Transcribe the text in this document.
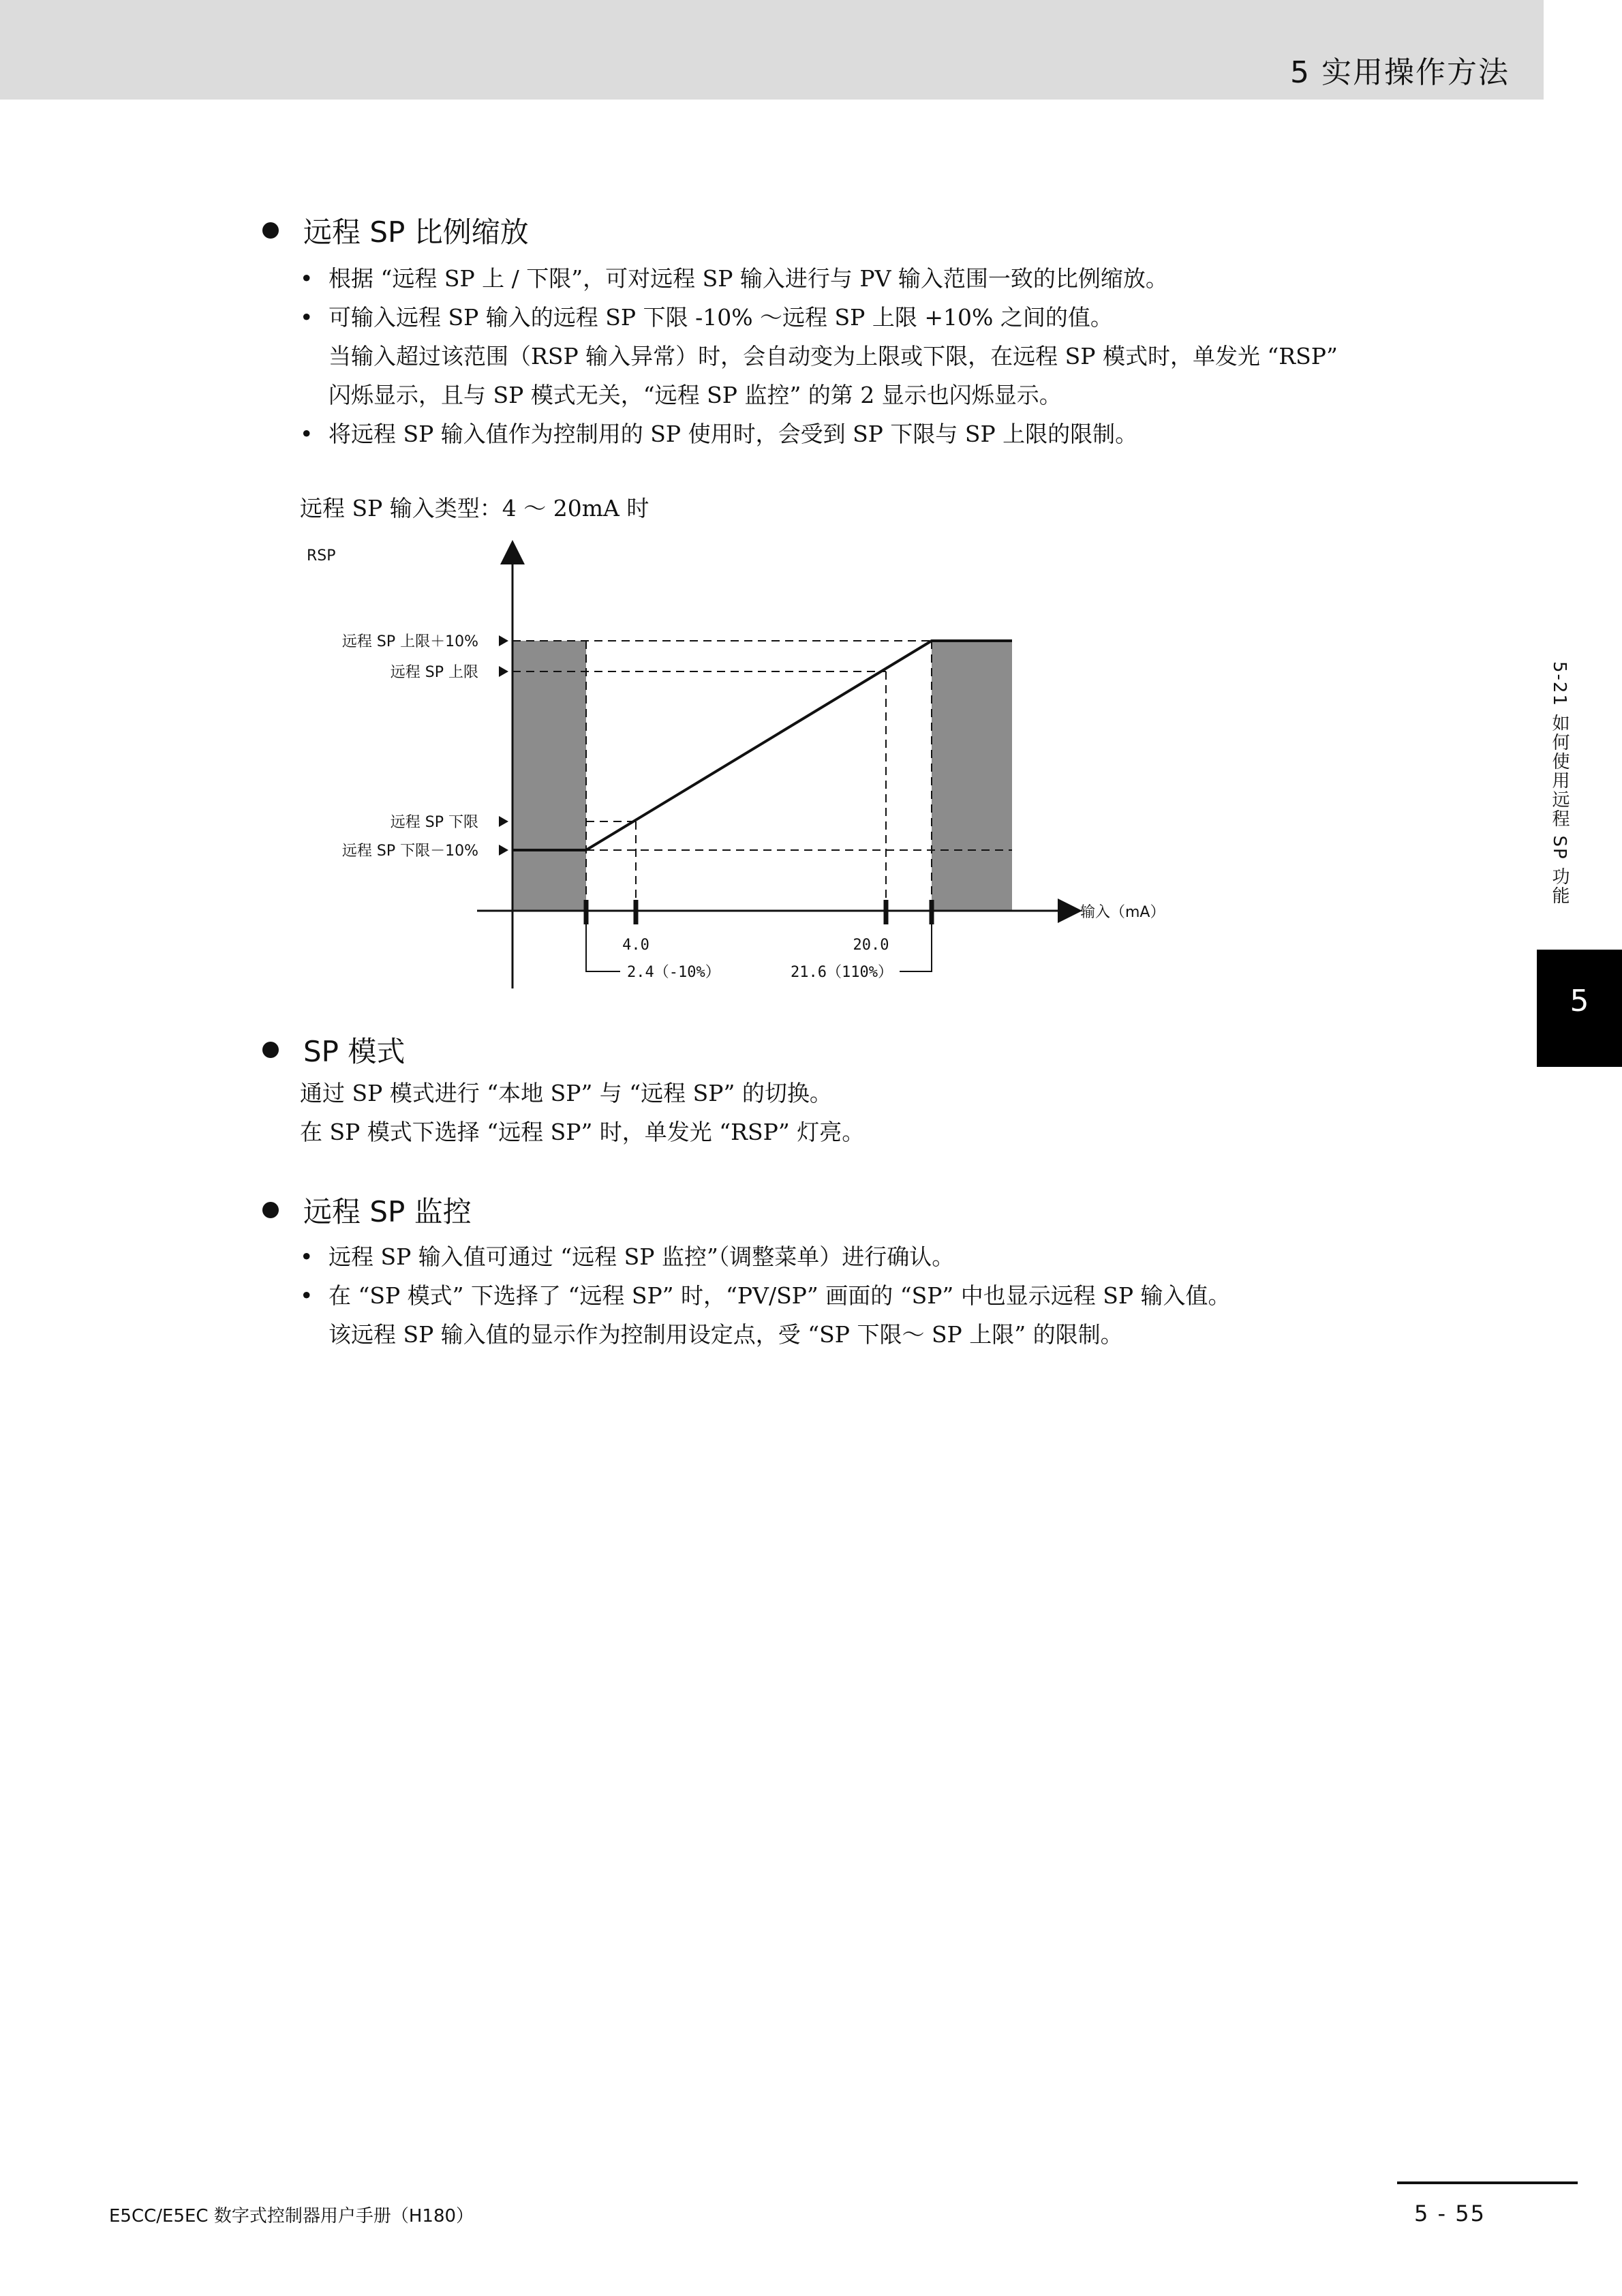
5 实用操作方法
5-21 如何使用远程 SP 功能
5
远程 SP 比例缩放
• 根据 “远程 SP 上 / 下限”，可对远程 SP 输入进行与 PV 输入范围一致的比例缩放。
• 可输入远程 SP 输入的远程 SP 下限 -10% ～远程 SP 上限 +10% 之间的值。
当输入超过该范围（RSP 输入异常）时，会自动变为上限或下限，在远程 SP 模式时，单发光 “RSP”
闪烁显示，且与 SP 模式无关，“远程 SP 监控” 的第 2 显示也闪烁显示。
• 将远程 SP 输入值作为控制用的 SP 使用时，会受到 SP 下限与 SP 上限的限制。
远程 SP 输入类型：4 ～ 20mA 时
RSP
远程 SP 上限＋10%
远程 SP 上限
远程 SP 下限
远程 SP 下限－10%
4.0	20.0
2.4（-10%）	21.6（110%）
输入（mA）
SP 模式
通过 SP 模式进行 “本地 SP” 与 “远程 SP” 的切换。
在 SP 模式下选择 “远程 SP” 时，单发光 “RSP” 灯亮。
远程 SP 监控
• 远程 SP 输入值可通过 “远程 SP 监控”（调整菜单）进行确认。
• 在 “SP 模式” 下选择了 “远程 SP” 时，“PV/SP” 画面的 “SP” 中也显示远程 SP 输入值。
该远程 SP 输入值的显示作为控制用设定点，受 “SP 下限～ SP 上限” 的限制。
E5CC/E5EC 数字式控制器用户手册（H180）	5 - 55
